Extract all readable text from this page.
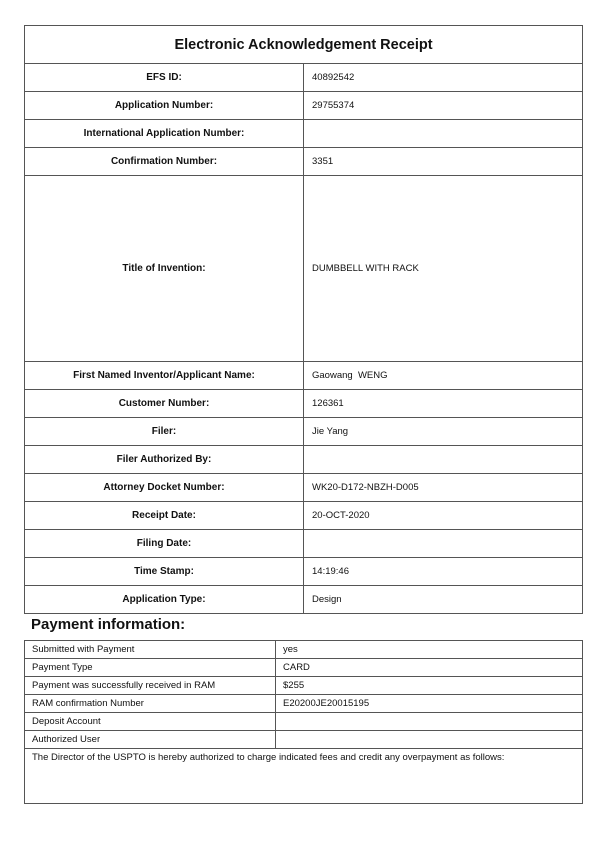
Electronic Acknowledgement Receipt	
EFS ID:	40892542
Application Number:	29755374
International Application Number:	
Confirmation Number:	3351
Title of Invention:	DUMBBELL WITH RACK
First Named Inventor/Applicant Name:	Gaowang  WENG
Customer Number:	126361
Filer:	Jie Yang
Filer Authorized By:	
Attorney Docket Number:	WK20-D172-NBZH-D005
Receipt Date:	20-OCT-2020
Filing Date:	
Time Stamp:	14:19:46
Application Type:	Design
Payment information:
Submitted with Payment	yes
Payment Type	CARD
Payment was successfully received in RAM	$255
RAM confirmation Number	E20200JE20015195
Deposit Account	
Authorized User	
The Director of the USPTO is hereby authorized to charge indicated fees and credit any overpayment as follows:	
